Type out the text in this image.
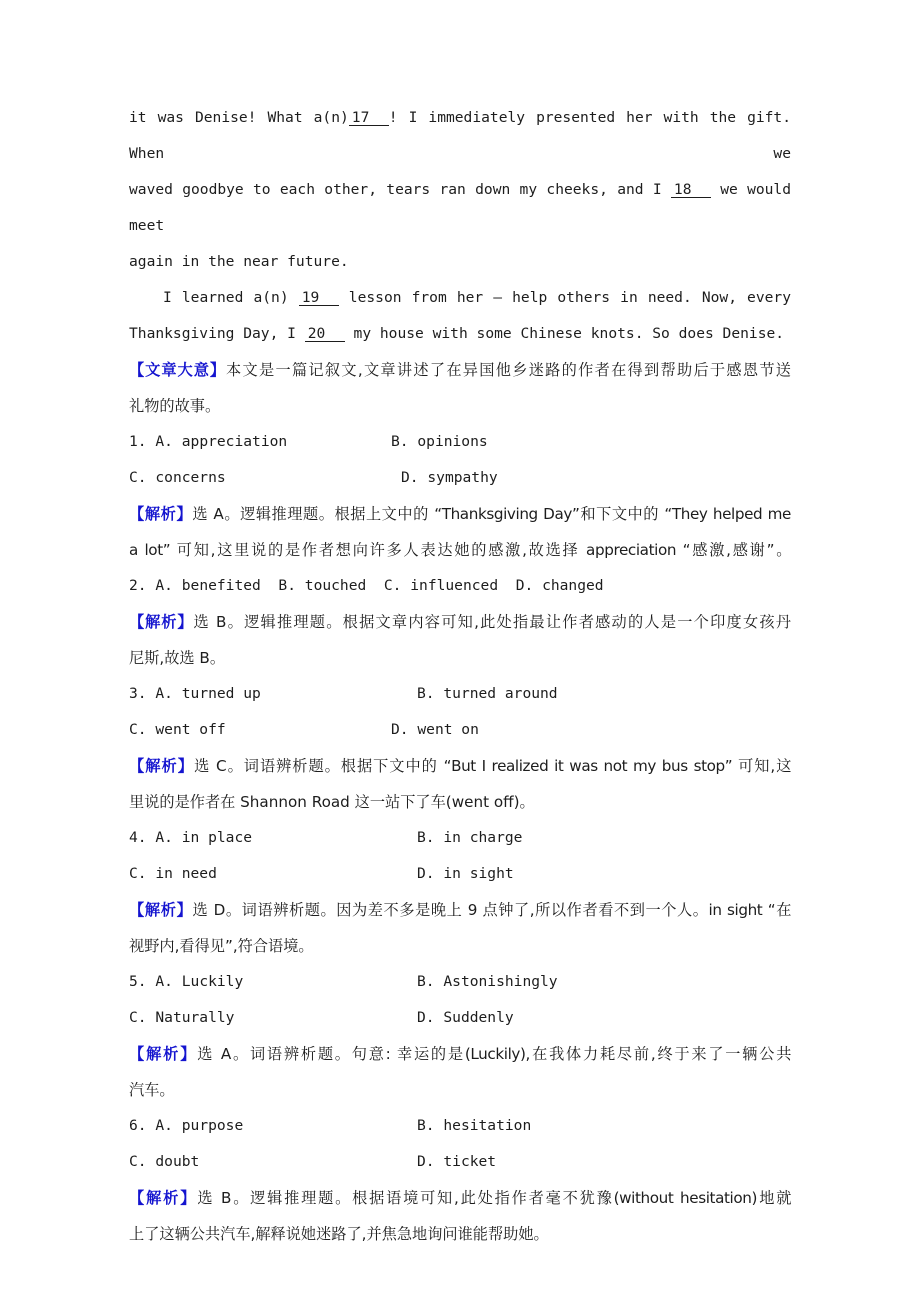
it was Denise! What a(n) 17 ! I immediately presented her with the gift. When we
waved goodbye to each other, tears ran down my cheeks, and I 18 we would meet
again in the near future.
I learned a(n) 19 lesson from her — help others in need. Now, every
Thanksgiving Day, I 20 my house with some Chinese knots. So does Denise.
【文章大意】本文是一篇记叙文,文章讲述了在异国他乡迷路的作者在得到帮助后于感恩节送
礼物的故事。
1. A. appreciation	B. opinions
C. concerns	D. sympathy
【解析】选 A。逻辑推理题。根据上文中的 “Thanksgiving Day”和下文中的 “They helped me
a lot” 可知,这里说的是作者想向许多人表达她的感激,故选择 appreciation “感激,感谢”。
2. A. benefited B. touched C. influenced D. changed
【解析】选 B。逻辑推理题。根据文章内容可知,此处指最让作者感动的人是一个印度女孩丹
尼斯,故选 B。
3. A. turned up	B. turned around
C. went off	D. went on
【解析】选 C。词语辨析题。根据下文中的 “But I realized it was not my bus stop” 可知,这
里说的是作者在 Shannon Road 这一站下了车(went off)。
4. A. in place	B. in charge
C. in need	D. in sight
【解析】选 D。词语辨析题。因为差不多是晚上 9 点钟了,所以作者看不到一个人。in sight “在
视野内,看得见”,符合语境。
5. A. Luckily	B. Astonishingly
C. Naturally	D. Suddenly
【解析】选 A。词语辨析题。句意: 幸运的是(Luckily),在我体力耗尽前,终于来了一辆公共
汽车。
6. A. purpose	B. hesitation
C. doubt	D. ticket
【解析】选 B。逻辑推理题。根据语境可知,此处指作者毫不犹豫(without hesitation)地就
上了这辆公共汽车,解释说她迷路了,并焦急地询问谁能帮助她。
